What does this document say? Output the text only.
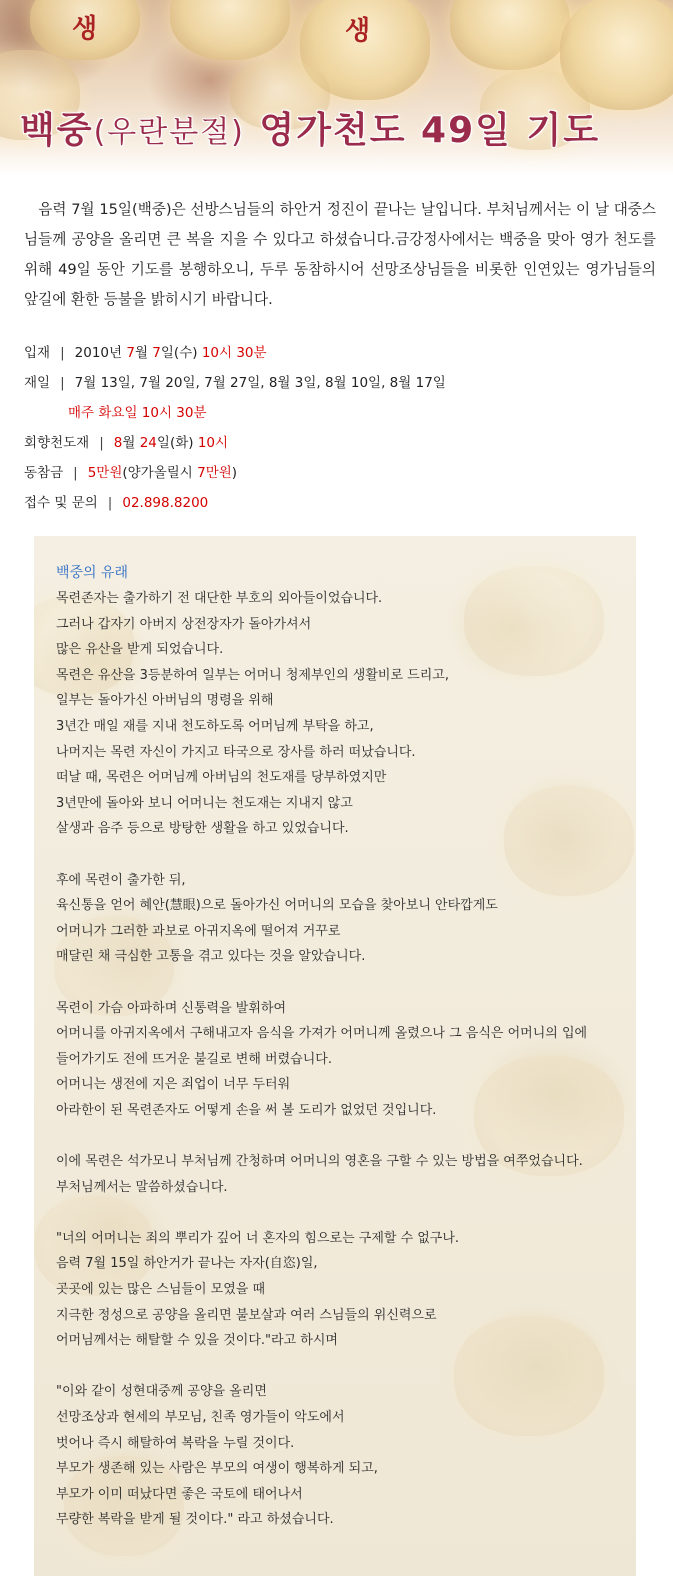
생	생
백중(우란분절) 영가천도 49일 기도
음력 7월 15일(백중)은 선방스님들의 하안거 정진이 끝나는 날입니다. 부처님께서는 이 날 대중스님들께 공양을 올리면 큰 복을 지을 수 있다고 하셨습니다.금강정사에서는 백중을 맞아 영가 천도를 위해 49일 동안 기도를 봉행하오니, 두루 동참하시어 선망조상님들을 비롯한 인연있는 영가님들의 앞길에 환한 등불을 밝히시기 바랍니다.
입재 | 2010년 7월 7일(수) 10시 30분
재일 | 7월 13일, 7월 20일, 7월 27일, 8월 3일, 8월 10일, 8월 17일
매주 화요일 10시 30분
회향천도재 | 8월 24일(화) 10시
동참금 | 5만원(양가올릴시 7만원)
접수 및 문의 | 02.898.8200
백중의 유래
목련존자는 출가하기 전 대단한 부호의 외아들이었습니다.
그러나 갑자기 아버지 상전장자가 돌아가셔서
많은 유산을 받게 되었습니다.
목련은 유산을 3등분하여 일부는 어머니 청제부인의 생활비로 드리고,
일부는 돌아가신 아버님의 명령을 위해
3년간 매일 재를 지내 천도하도록 어머님께 부탁을 하고,
나머지는 목련 자신이 가지고 타국으로 장사를 하러 떠났습니다.
떠날 때, 목련은 어머님께 아버님의 천도재를 당부하였지만
3년만에 돌아와 보니 어머니는 천도재는 지내지 않고
살생과 음주 등으로 방탕한 생활을 하고 있었습니다.
후에 목련이 출가한 뒤,
육신통을 얻어 혜안(慧眼)으로 돌아가신 어머니의 모습을 찾아보니 안타깝게도
어머니가 그러한 과보로 아귀지옥에 떨어져 거꾸로
매달린 채 극심한 고통을 겪고 있다는 것을 알았습니다.
목련이 가슴 아파하며 신통력을 발휘하여
어머니를 아귀지옥에서 구해내고자 음식을 가져가 어머니께 올렸으나 그 음식은 어머니의 입에
들어가기도 전에 뜨거운 불길로 변해 버렸습니다.
어머니는 생전에 지은 죄업이 너무 두터워
아라한이 된 목련존자도 어떻게 손을 써 볼 도리가 없었던 것입니다.
이에 목련은 석가모니 부처님께 간청하며 어머니의 영혼을 구할 수 있는 방법을 여쭈었습니다.
부처님께서는 말씀하셨습니다.
"너의 어머니는 죄의 뿌리가 깊어 너 혼자의 힘으로는 구제할 수 없구나.
음력 7월 15일 하안거가 끝나는 자자(自恣)일,
곳곳에 있는 많은 스님들이 모였을 때
지극한 정성으로 공양을 올리면 불보살과 여러 스님들의 위신력으로
어머님께서는 해탈할 수 있을 것이다."라고 하시며
"이와 같이 성현대중께 공양을 올리면
선망조상과 현세의 부모님, 친족 영가들이 악도에서
벗어나 즉시 해탈하여 복락을 누릴 것이다.
부모가 생존해 있는 사람은 부모의 여생이 행복하게 되고,
부모가 이미 떠났다면 좋은 국토에 태어나서
무량한 복락을 받게 될 것이다." 라고 하셨습니다.
